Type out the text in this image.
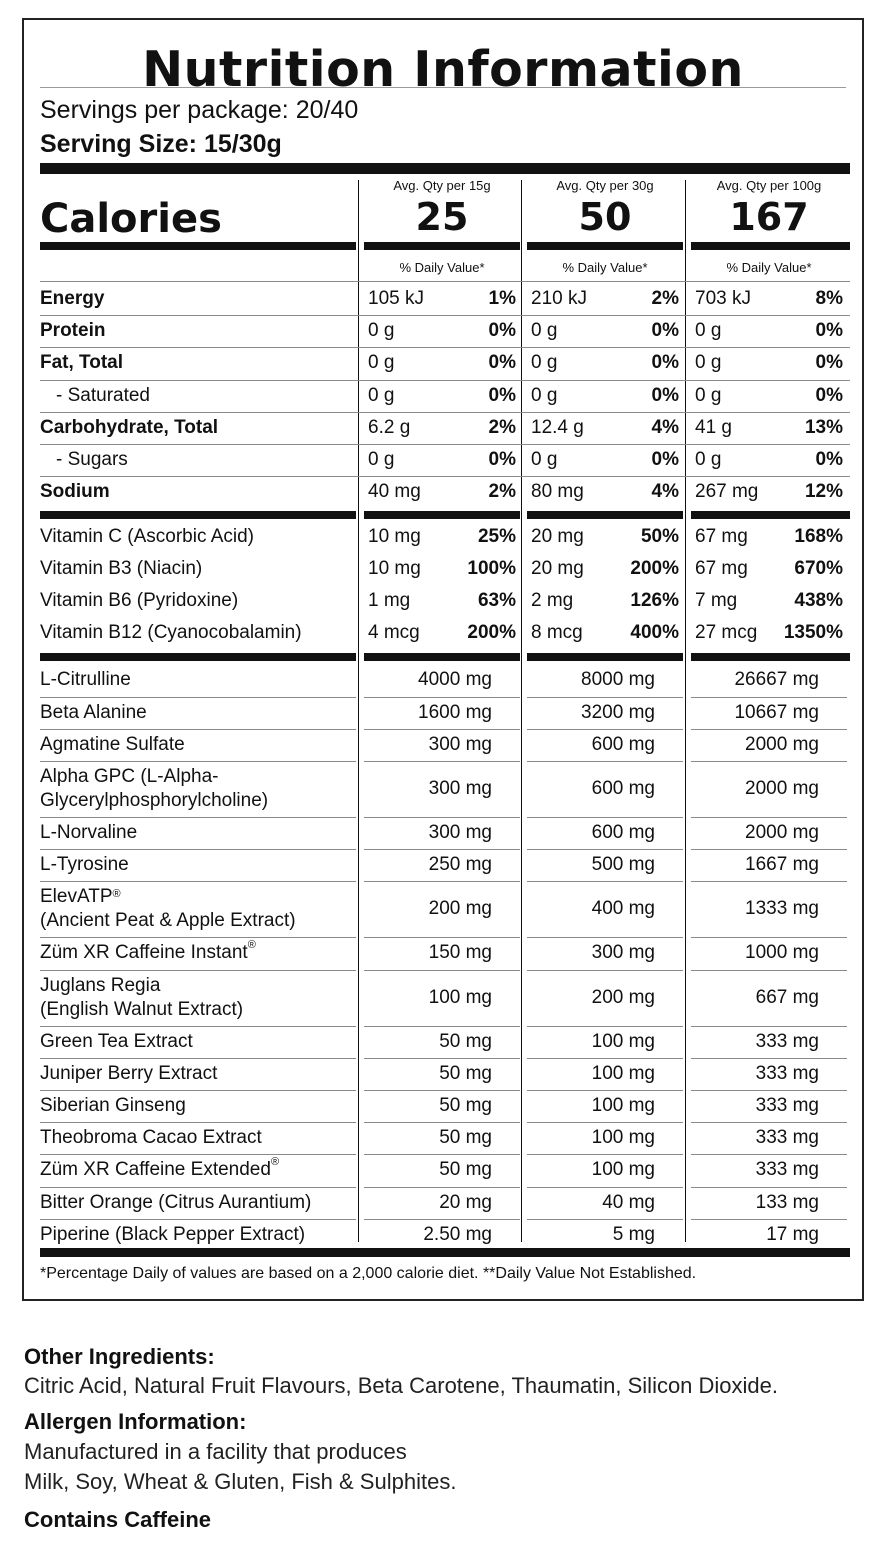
Nutrition Information
Servings per package: 20/40
Serving Size: 15/30g
Calories
*Percentage Daily of values are based on a 2,000 calorie diet. **Daily Value Not Established.
Avg. Qty per 15g
25
% Daily Value*
Avg. Qty per 30g
50
% Daily Value*
Avg. Qty per 100g
167
% Daily Value*
Energy	105 kJ	1% 210 kJ	2% 703 kJ	8%
Protein	0 g	0% 0 g	0% 0 g	0%
Fat, Total	0 g	0% 0 g	0% 0 g	0%
- Saturated	0 g	0% 0 g	0% 0 g	0%
Carbohydrate, Total	6.2 g	2% 12.4 g	4% 41 g	13%
- Sugars	0 g	0% 0 g	0% 0 g	0%
Sodium	40 mg	2% 80 mg	4% 267 mg	12%
Vitamin C (Ascorbic Acid)	10 mg	25% 20 mg	50% 67 mg	168%
Vitamin B3 (Niacin)	10 mg	100% 20 mg	200% 67 mg	670%
Vitamin B6 (Pyridoxine)	1 mg	63% 2 mg	126% 7 mg	438%
Vitamin B12 (Cyanocobalamin)	4 mcg	200% 8 mcg	400% 27 mcg	1350%
L-Citrulline	4000 mg	8000 mg	26667 mg
Beta Alanine	1600 mg	3200 mg	10667 mg
Agmatine Sulfate	300 mg	600 mg	2000 mg
Alpha GPC (L-Alpha-
Glycerylphosphorylcholine)
300 mg	600 mg	2000 mg
L-Norvaline	300 mg	600 mg	2000 mg
L-Tyrosine	250 mg	500 mg	1667 mg
ElevATP®
(Ancient Peat & Apple Extract)
200 mg	400 mg	1333 mg
Züm XR Caffeine Instant®	150 mg	300 mg	1000 mg
Juglans Regia
(English Walnut Extract)
100 mg	200 mg	667 mg
Green Tea Extract	50 mg	100 mg	333 mg
Juniper Berry Extract	50 mg	100 mg	333 mg
Siberian Ginseng	50 mg	100 mg	333 mg
Theobroma Cacao Extract	50 mg	100 mg	333 mg
Züm XR Caffeine Extended®	50 mg	100 mg	333 mg
Bitter Orange (Citrus Aurantium)	20 mg	40 mg	133 mg
Piperine (Black Pepper Extract)	2.50 mg	5 mg	17 mg
Other Ingredients:
Citric Acid, Natural Fruit Flavours, Beta Carotene, Thaumatin, Silicon Dioxide.
Allergen Information:
Manufactured in a facility that produces
Milk, Soy, Wheat & Gluten, Fish & Sulphites.
Contains Caffeine
